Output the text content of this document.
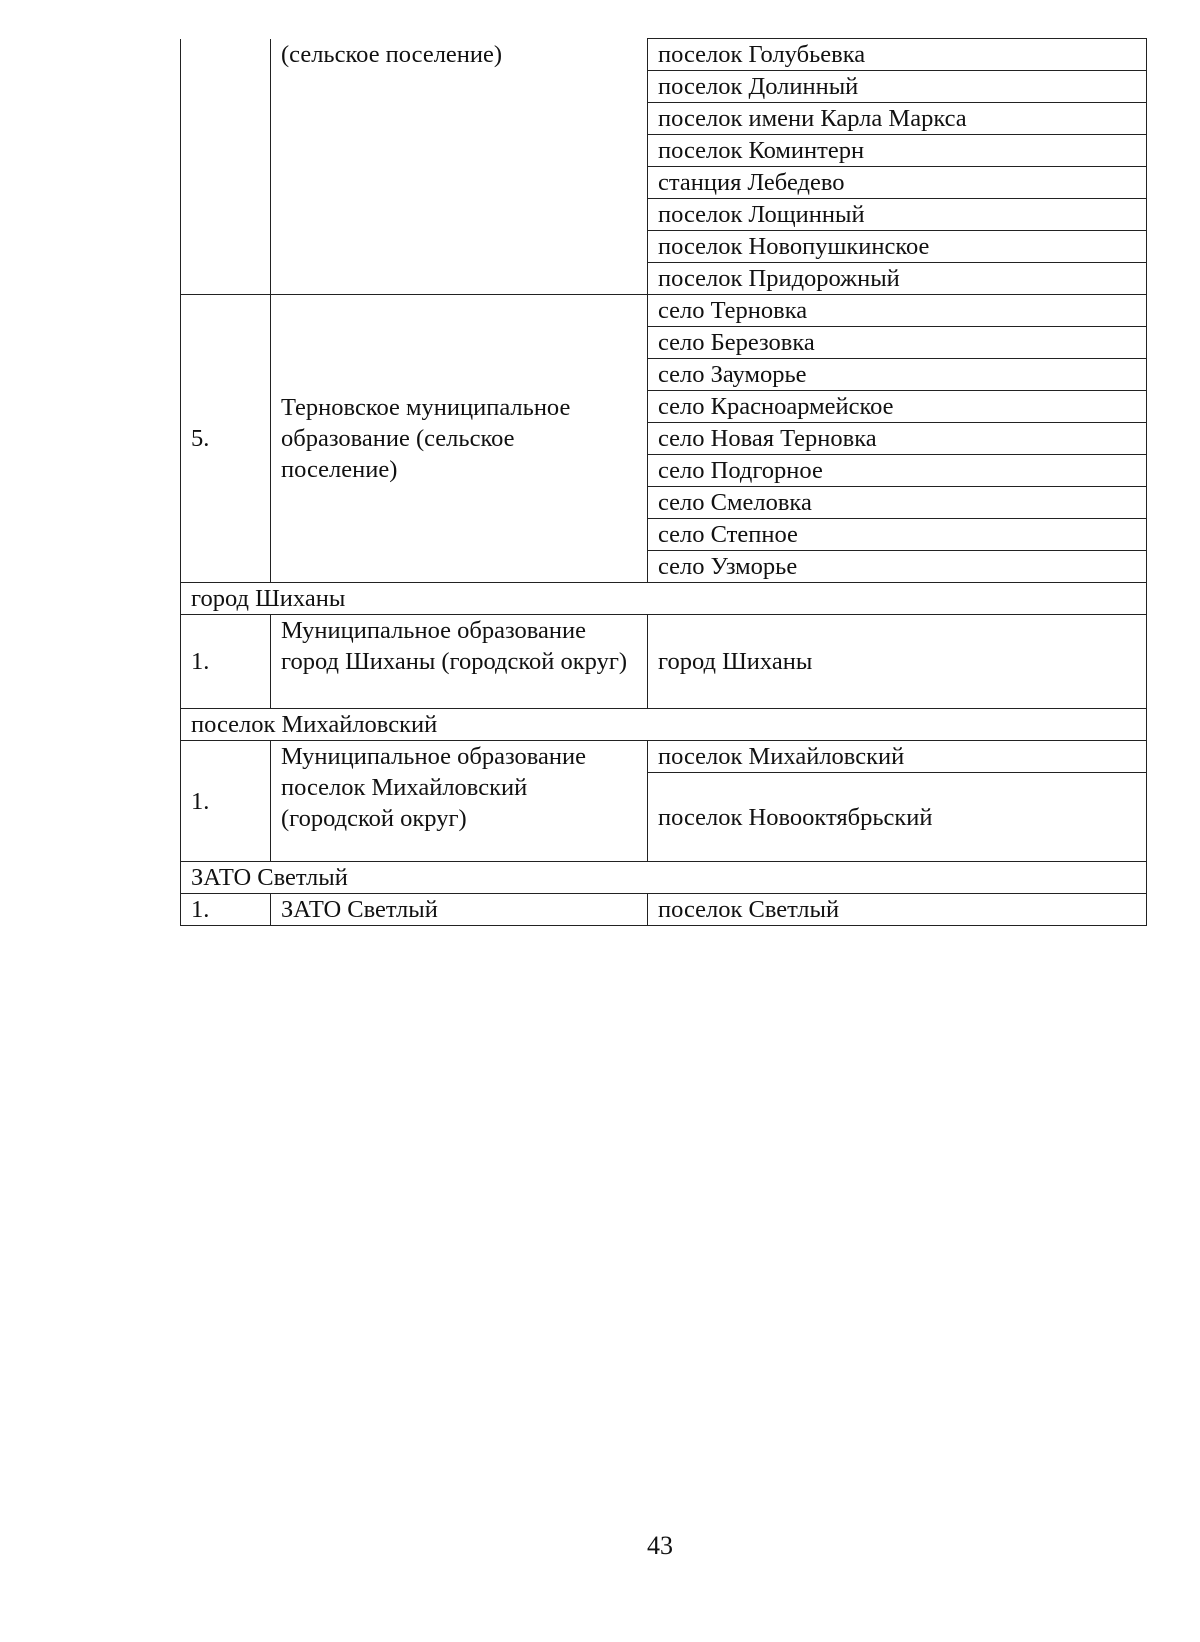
	(сельское поселение)	поселок Голубьевка
		поселок Долинный
		поселок имени Карла Маркса
		поселок Коминтерн
		станция Лебедево
		поселок Лощинный
		поселок Новопушкинское
		поселок Придорожный
5.	Терновское муниципальное образование (сельское поселение)	село Терновка
		село Березовка
		село Зауморье
		село Красноармейское
		село Новая Терновка
		село Подгорное
		село Смеловка
		село Степное
		село Узморье
город Шиханы		
1.	Муниципальное образование город Шиханы (городской округ)	город Шиханы
поселок Михайловский		
1.	Муниципальное образование поселок Михайловский (городской округ)	поселок Михайловский
		поселок Новооктябрьский
ЗАТО Светлый		
1.	ЗАТО Светлый	поселок Светлый
43
